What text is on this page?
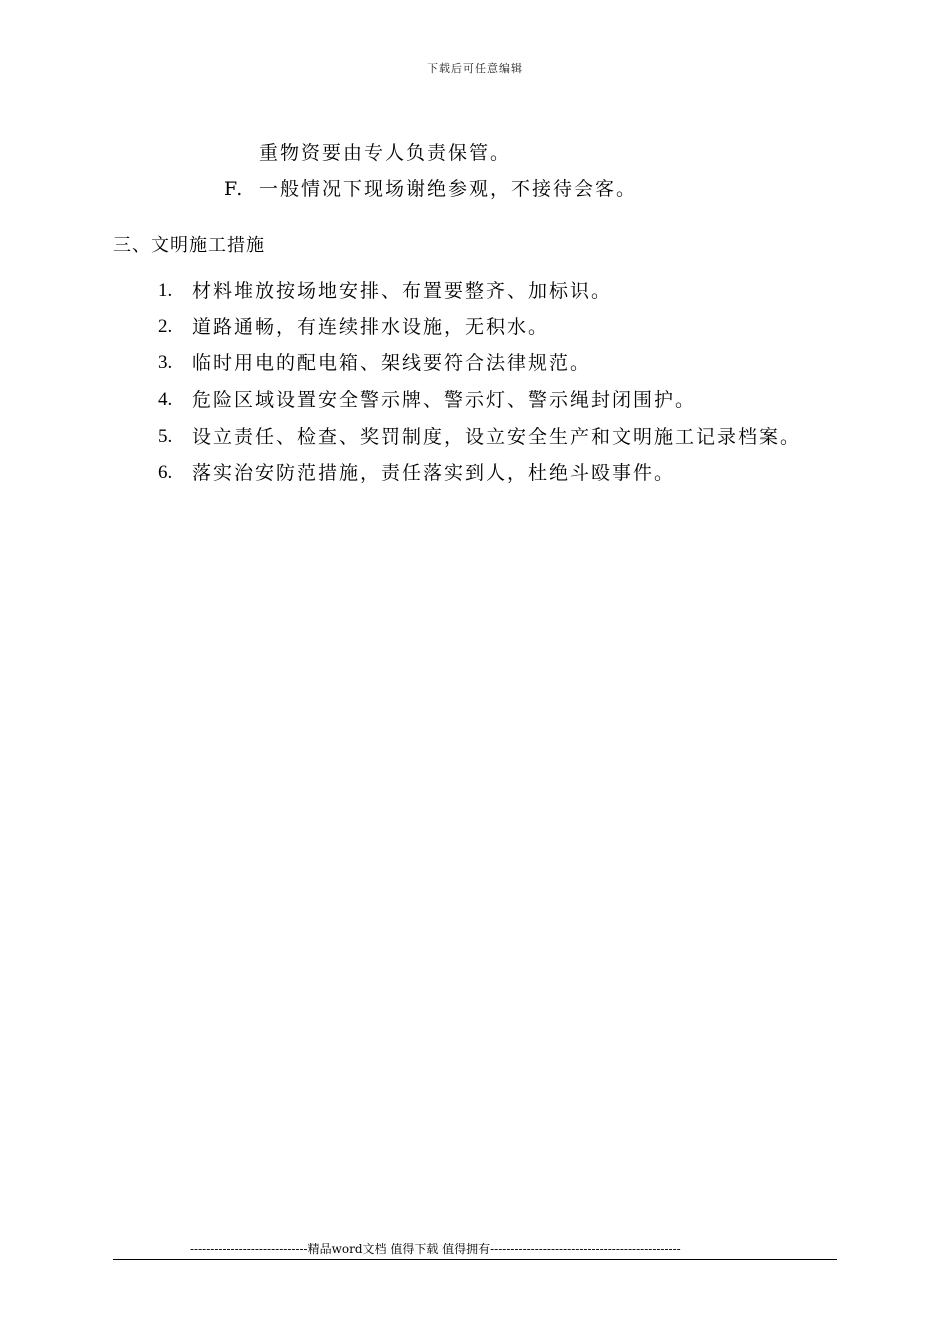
下载后可任意编辑
重物资要由专人负责保管。
F. 一般情况下现场谢绝参观，不接待会客。
三、文明施工措施
1. 材料堆放按场地安排、布置要整齐、加标识。
2. 道路通畅，有连续排水设施，无积水。
3. 临时用电的配电箱、架线要符合法律规范。
4. 危险区域设置安全警示牌、警示灯、警示绳封闭围护。
5. 设立责任、检查、奖罚制度，设立安全生产和文明施工记录档案。
6. 落实治安防范措施，责任落实到人，杜绝斗殴事件。
-----------------------------精品word文档 值得下载 值得拥有-----------------------------------------------
